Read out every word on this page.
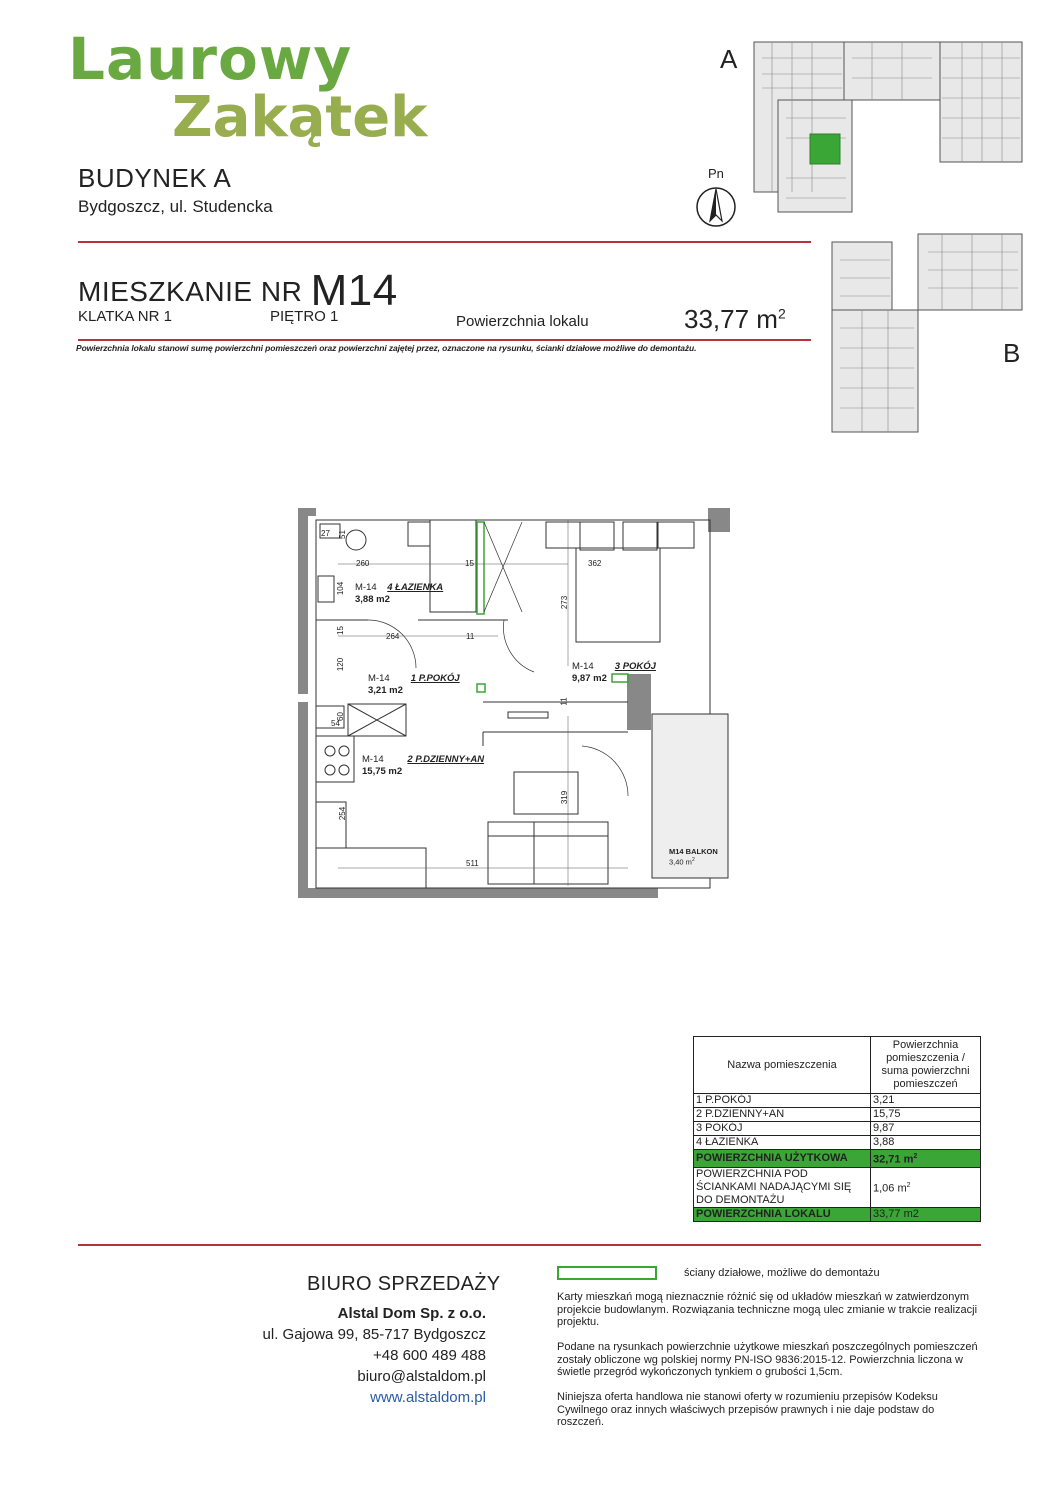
Laurowy
Zakątek
BUDYNEK A
Bydgoszcz, ul. Studencka
MIESZKANIE NR M14
KLATKA NR 1	PIĘTRO 1	Powierzchnia lokalu	33,77 $m^2$
Powierzchnia lokalu stanowi sumę powierzchni pomieszczeń oraz powierzchni zajętej przez, oznaczone na rysunku, ścianki działowe możliwe do demontażu.
A
B
Pn
M-14 4 ŁAZIENKA
3,88 m2
M-14 1 P.POKÓJ
3,21 m2
M-14 3 POKÓJ
9,87 m2
M-14	2 P.DZIENNY+AN
15,75 m2
M14 BALKON
3,40 $m^2$
27 51
260	15	362
104
15
264	11
273
120
60
54
11
319
254
511
Nazwa pomieszczenia	Powierzchnia pomieszczenia / suma powierzchni pomieszczeń
1 P.POKÓJ	3,21
2 P.DZIENNY+AN	15,75
3 POKÓJ	9,87
4 ŁAZIENKA	3,88
POWIERZCHNIA UŻYTKOWA	32,71 $m^2$
POWIERZCHNIA POD ŚCIANKAMI NADAJĄCYMI SIĘ DO DEMONTAŻU	1,06 $m^2$
POWIERZCHNIA LOKALU	33,77 m2
BIURO SPRZEDAŻY
Alstal Dom Sp. z o.o.
ul. Gajowa 99, 85-717 Bydgoszcz
+48 600 489 488
biuro@alstaldom.pl
www.alstaldom.pl
ściany działowe, możliwe do demontażu
Karty mieszkań mogą nieznacznie różnić się od układów mieszkań w zatwierdzonym projekcie budowlanym. Rozwiązania techniczne mogą ulec zmianie w trakcie realizacji projektu.
Podane na rysunkach powierzchnie użytkowe mieszkań poszczególnych pomieszczeń zostały obliczone wg polskiej normy PN-ISO 9836:2015-12. Powierzchnia liczona w świetle przegród wykończonych tynkiem o grubości 1,5cm.
Niniejsza oferta handlowa nie stanowi oferty w rozumieniu przepisów Kodeksu Cywilnego oraz innych właściwych przepisów prawnych i nie daje podstaw do roszczeń.
